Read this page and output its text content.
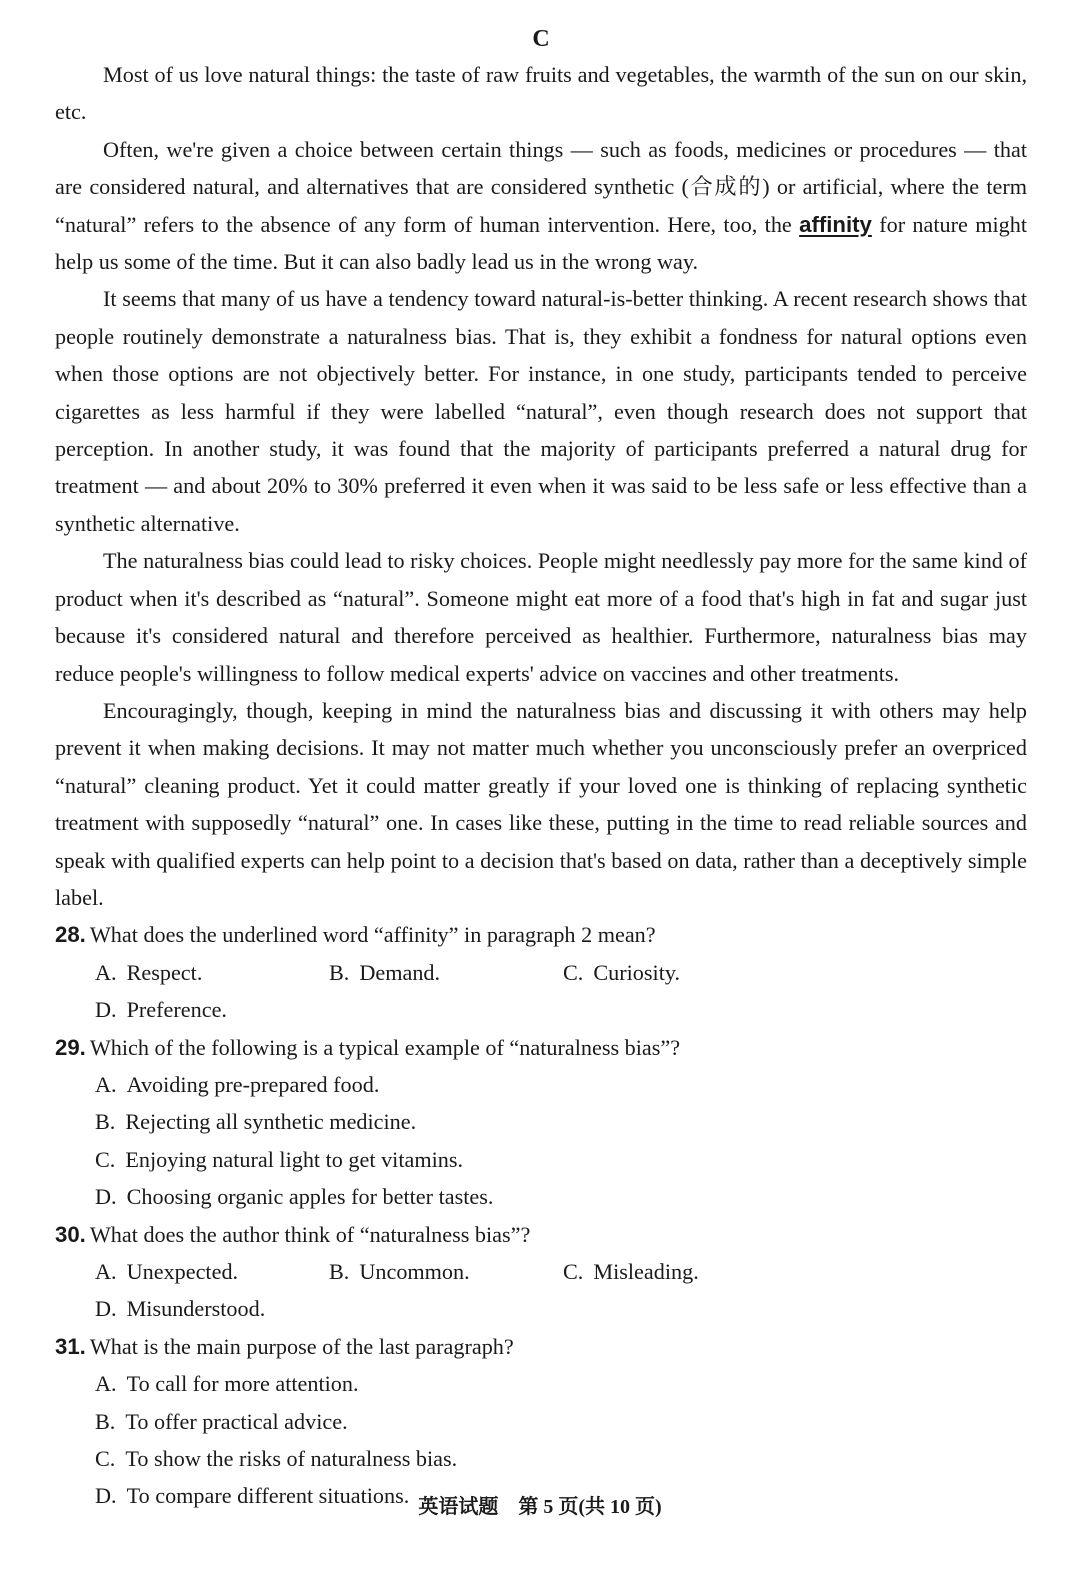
C

Most of us love natural things: the taste of raw fruits and vegetables, the warmth of the sun on our skin, etc.

Often, we're given a choice between certain things — such as foods, medicines or procedures — that are considered natural, and alternatives that are considered synthetic (合成的) or artificial, where the term “natural” refers to the absence of any form of human intervention. Here, too, the affinity for nature might help us some of the time. But it can also badly lead us in the wrong way.

It seems that many of us have a tendency toward natural-is-better thinking. A recent research shows that people routinely demonstrate a naturalness bias. That is, they exhibit a fondness for natural options even when those options are not objectively better. For instance, in one study, participants tended to perceive cigarettes as less harmful if they were labelled “natural”, even though research does not support that perception. In another study, it was found that the majority of participants preferred a natural drug for treatment — and about 20% to 30% preferred it even when it was said to be less safe or less effective than a synthetic alternative.

The naturalness bias could lead to risky choices. People might needlessly pay more for the same kind of product when it's described as “natural”. Someone might eat more of a food that's high in fat and sugar just because it's considered natural and therefore perceived as healthier. Furthermore, naturalness bias may reduce people's willingness to follow medical experts' advice on vaccines and other treatments.

Encouragingly, though, keeping in mind the naturalness bias and discussing it with others may help prevent it when making decisions. It may not matter much whether you unconsciously prefer an overpriced “natural” cleaning product. Yet it could matter greatly if your loved one is thinking of replacing synthetic treatment with supposedly “natural” one. In cases like these, putting in the time to read reliable sources and speak with qualified experts can help point to a decision that's based on data, rather than a deceptively simple label.

28. What does the underlined word “affinity” in paragraph 2 mean?

A. Respect.	B. Demand.	C. Curiosity.
D. Preference.

29. Which of the following is a typical example of “naturalness bias”?

A. Avoiding pre-prepared food.
B. Rejecting all synthetic medicine.
C. Enjoying natural light to get vitamins.
D. Choosing organic apples for better tastes.

30. What does the author think of “naturalness bias”?

A. Unexpected.	B. Uncommon.	C. Misleading.
D. Misunderstood.

31. What is the main purpose of the last paragraph?

A. To call for more attention.
B. To offer practical advice.
C. To show the risks of naturalness bias.
D. To compare different situations. 英语试题　第 5 页(共 10 页)
